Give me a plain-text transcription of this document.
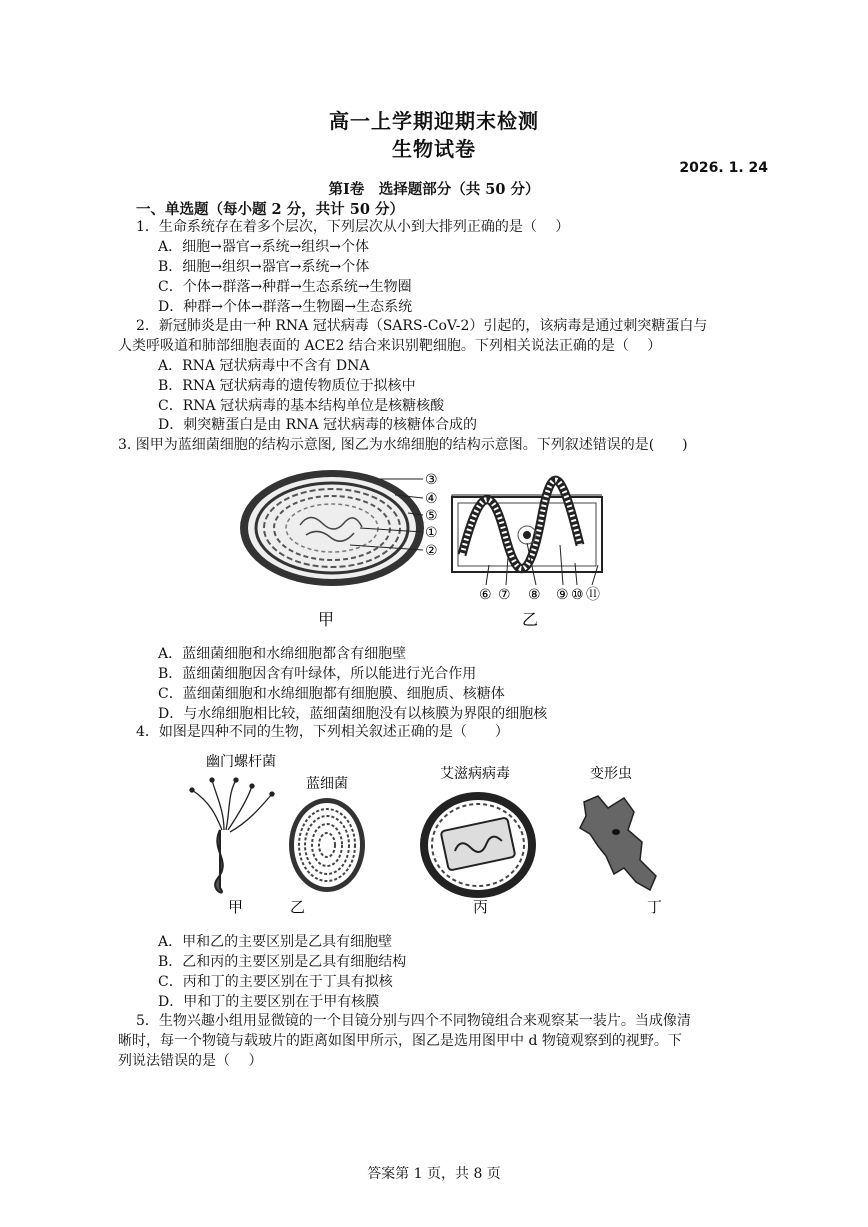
高一上学期迎期末检测
生物试卷
2026. 1. 24
第Ⅰ卷　选择题部分（共 50 分）
一、单选题（每小题 2 分，共计 50 分）
1．生命系统存在着多个层次，下列层次从小到大排列正确的是（　 ）
A．细胞→器官→系统→组织→个体
B．细胞→组织→器官→系统→个体
C．个体→群落→种群→生态系统→生物圈
D．种群→个体→群落→生物圈→生态系统
2．新冠肺炎是由一种 RNA 冠状病毒（SARS-CoV-2）引起的，该病毒是通过刺突糖蛋白与
人类呼吸道和肺部细胞表面的 ACE2 结合来识别靶细胞。下列相关说法正确的是（　 ）
A．RNA 冠状病毒中不含有 DNA
B．RNA 冠状病毒的遗传物质位于拟核中
C．RNA 冠状病毒的基本结构单位是核糖核酸
D．刺突糖蛋白是由 RNA 冠状病毒的核糖体合成的
3. 图甲为蓝细菌细胞的结构示意图, 图乙为水绵细胞的结构示意图。下列叙述错误的是(　　)
③
④
⑤
①
②
⑥ ⑦ ⑧ ⑨ ⑩ ⑪
甲	乙
A．蓝细菌细胞和水绵细胞都含有细胞壁
B．蓝细菌细胞因含有叶绿体，所以能进行光合作用
C．蓝细菌细胞和水绵细胞都有细胞膜、细胞质、核糖体
D．与水绵细胞相比较，蓝细菌细胞没有以核膜为界限的细胞核
4．如图是四种不同的生物，下列相关叙述正确的是（　　）
幽门螺杆菌
蓝细菌
艾滋病病毒	变形虫
甲	乙	丙	丁
A．甲和乙的主要区别是乙具有细胞壁
B．乙和丙的主要区别是乙具有细胞结构
C．丙和丁的主要区别在于丁具有拟核
D．甲和丁的主要区别在于甲有核膜
5．生物兴趣小组用显微镜的一个目镜分别与四个不同物镜组合来观察某一装片。当成像清
晰时，每一个物镜与载玻片的距离如图甲所示，图乙是选用图甲中 d 物镜观察到的视野。下
列说法错误的是（　 ）
答案第 1 页，共 8 页
